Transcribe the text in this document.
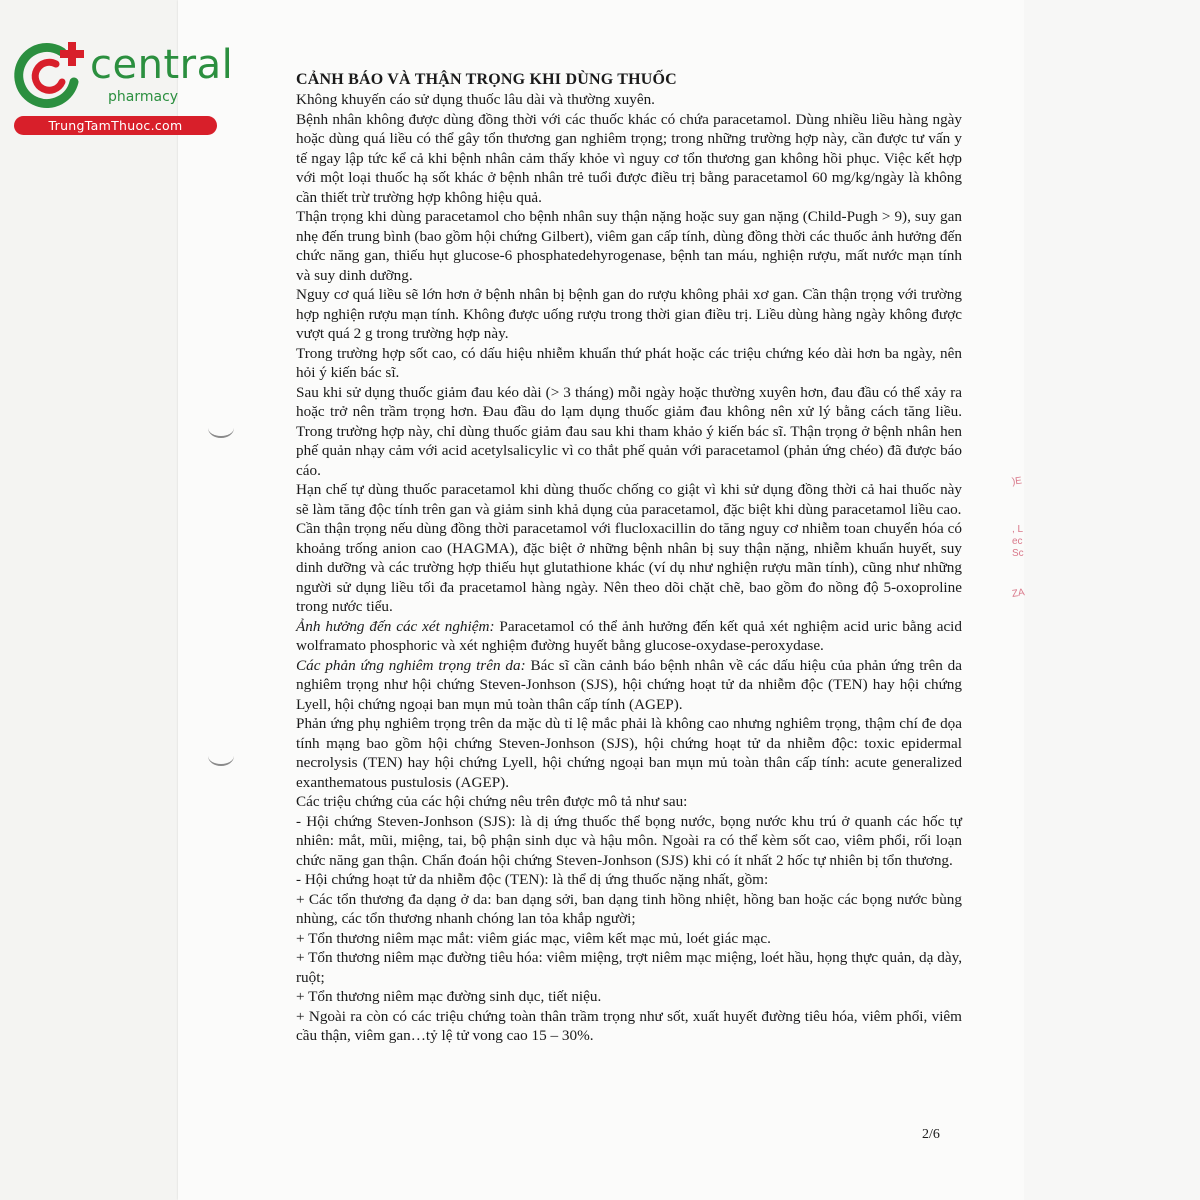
central
pharmacy
TrungTamThuoc.com
)E
, L
ec
Sc
ZA
CẢNH BÁO VÀ THẬN TRỌNG KHI DÙNG THUỐC

Không khuyến cáo sử dụng thuốc lâu dài và thường xuyên.

Bệnh nhân không được dùng đồng thời với các thuốc khác có chứa paracetamol. Dùng nhiều liều hàng ngày hoặc dùng quá liều có thể gây tổn thương gan nghiêm trọng; trong những trường hợp này, cần được tư vấn y tế ngay lập tức kể cả khi bệnh nhân cảm thấy khỏe vì nguy cơ tổn thương gan không hồi phục. Việc kết hợp với một loại thuốc hạ sốt khác ở bệnh nhân trẻ tuổi được điều trị bằng paracetamol 60 mg/kg/ngày là không cần thiết trừ trường hợp không hiệu quả.

Thận trọng khi dùng paracetamol cho bệnh nhân suy thận nặng hoặc suy gan nặng (Child-Pugh > 9), suy gan nhẹ đến trung bình (bao gồm hội chứng Gilbert), viêm gan cấp tính, dùng đồng thời các thuốc ảnh hưởng đến chức năng gan, thiếu hụt glucose-6 phosphatedehyrogenase, bệnh tan máu, nghiện rượu, mất nước mạn tính và suy dinh dưỡng.

Nguy cơ quá liều sẽ lớn hơn ở bệnh nhân bị bệnh gan do rượu không phải xơ gan. Cần thận trọng với trường hợp nghiện rượu mạn tính. Không được uống rượu trong thời gian điều trị. Liều dùng hàng ngày không được vượt quá 2 g trong trường hợp này.

Trong trường hợp sốt cao, có dấu hiệu nhiễm khuẩn thứ phát hoặc các triệu chứng kéo dài hơn ba ngày, nên hỏi ý kiến bác sĩ.

Sau khi sử dụng thuốc giảm đau kéo dài (> 3 tháng) mỗi ngày hoặc thường xuyên hơn, đau đầu có thể xảy ra hoặc trở nên trầm trọng hơn. Đau đầu do lạm dụng thuốc giảm đau không nên xử lý bằng cách tăng liều. Trong trường hợp này, chỉ dùng thuốc giảm đau sau khi tham khảo ý kiến bác sĩ. Thận trọng ở bệnh nhân hen phế quản nhạy cảm với acid acetylsalicylic vì co thắt phế quản với paracetamol (phản ứng chéo) đã được báo cáo.

Hạn chế tự dùng thuốc paracetamol khi dùng thuốc chống co giật vì khi sử dụng đồng thời cả hai thuốc này sẽ làm tăng độc tính trên gan và giảm sinh khả dụng của paracetamol, đặc biệt khi dùng paracetamol liều cao.

Cần thận trọng nếu dùng đồng thời paracetamol với flucloxacillin do tăng nguy cơ nhiễm toan chuyển hóa có khoảng trống anion cao (HAGMA), đặc biệt ở những bệnh nhân bị suy thận nặng, nhiễm khuẩn huyết, suy dinh dưỡng và các trường hợp thiếu hụt glutathione khác (ví dụ như nghiện rượu mãn tính), cũng như những người sử dụng liều tối đa pracetamol hàng ngày. Nên theo dõi chặt chẽ, bao gồm đo nồng độ 5-oxoproline trong nước tiểu.

Ảnh hưởng đến các xét nghiệm: Paracetamol có thể ảnh hưởng đến kết quả xét nghiệm acid uric bằng acid wolframato phosphoric và xét nghiệm đường huyết bằng glucose-oxydase-peroxydase.

Các phản ứng nghiêm trọng trên da: Bác sĩ cần cảnh báo bệnh nhân về các dấu hiệu của phản ứng trên da nghiêm trọng như hội chứng Steven-Jonhson (SJS), hội chứng hoạt tử da nhiễm độc (TEN) hay hội chứng Lyell, hội chứng ngoại ban mụn mủ toàn thân cấp tính (AGEP).

Phản ứng phụ nghiêm trọng trên da mặc dù tỉ lệ mắc phải là không cao nhưng nghiêm trọng, thậm chí đe dọa tính mạng bao gồm hội chứng Steven-Jonhson (SJS), hội chứng hoạt tử da nhiễm độc: toxic epidermal necrolysis (TEN) hay hội chứng Lyell, hội chứng ngoại ban mụn mủ toàn thân cấp tính: acute generalized exanthematous pustulosis (AGEP).

Các triệu chứng của các hội chứng nêu trên được mô tả như sau:

- Hội chứng Steven-Jonhson (SJS): là dị ứng thuốc thể bọng nước, bọng nước khu trú ở quanh các hốc tự nhiên: mắt, mũi, miệng, tai, bộ phận sinh dục và hậu môn. Ngoài ra có thể kèm sốt cao, viêm phổi, rối loạn chức năng gan thận. Chẩn đoán hội chứng Steven-Jonhson (SJS) khi có ít nhất 2 hốc tự nhiên bị tổn thương.

- Hội chứng hoạt tử da nhiễm độc (TEN): là thể dị ứng thuốc nặng nhất, gồm:

+ Các tổn thương đa dạng ở da: ban dạng sởi, ban dạng tinh hồng nhiệt, hồng ban hoặc các bọng nước bùng nhùng, các tổn thương nhanh chóng lan tỏa khắp người;

+ Tổn thương niêm mạc mắt: viêm giác mạc, viêm kết mạc mủ, loét giác mạc.

+ Tổn thương niêm mạc đường tiêu hóa: viêm miệng, trợt niêm mạc miệng, loét hầu, họng thực quản, dạ dày, ruột;

+ Tổn thương niêm mạc đường sinh dục, tiết niệu.

+ Ngoài ra còn có các triệu chứng toàn thân trầm trọng như sốt, xuất huyết đường tiêu hóa, viêm phổi, viêm cầu thận, viêm gan…tỷ lệ tử vong cao 15 – 30%.

2/6
